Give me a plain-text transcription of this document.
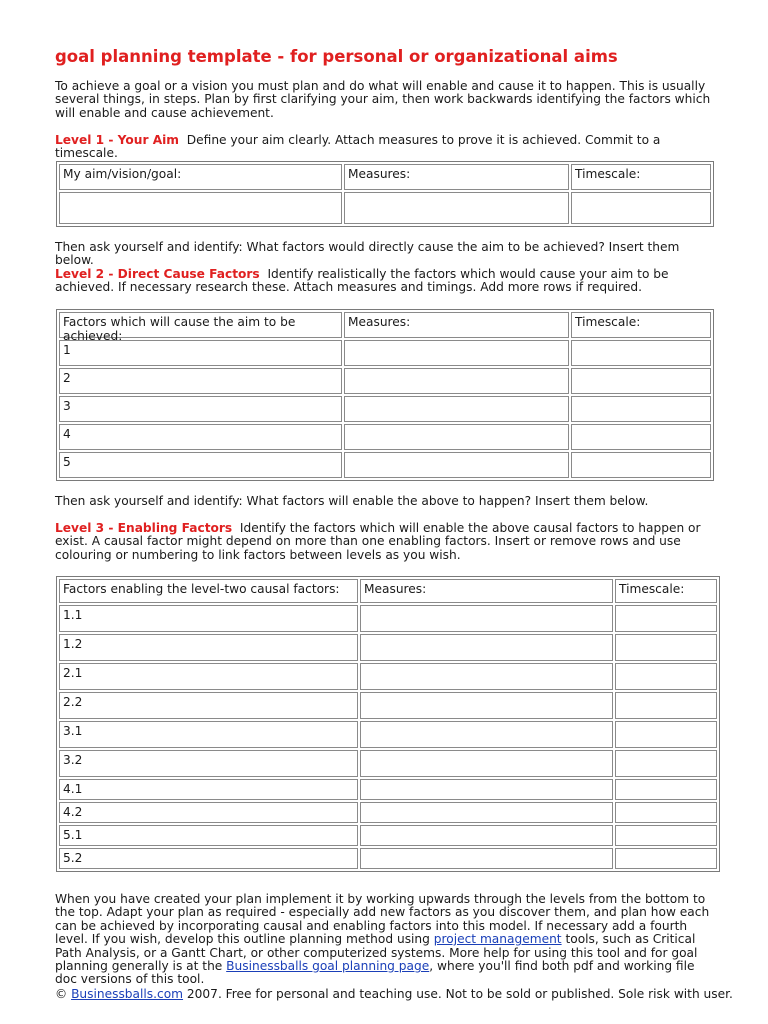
goal planning template - for personal or organizational aims

To achieve a goal or a vision you must plan and do what will enable and cause it to happen. This is usually several things, in steps. Plan by first clarifying your aim, then work backwards identifying the factors which will enable and cause achievement.

Level 1 - Your Aim Define your aim clearly. Attach measures to prove it is achieved. Commit to a timescale.

My aim/vision/goal:	Measures:	Timescale:

Then ask yourself and identify: What factors would directly cause the aim to be achieved? Insert them below.

Level 2 - Direct Cause Factors Identify realistically the factors which would cause your aim to be achieved. If necessary research these. Attach measures and timings. Add more rows if required.

Factors which will cause the aim to be achieved:	Measures:	Timescale:
1		
2		
3		
4		
5		

Then ask yourself and identify: What factors will enable the above to happen? Insert them below.

Level 3 - Enabling Factors Identify the factors which will enable the above causal factors to happen or exist. A causal factor might depend on more than one enabling factors. Insert or remove rows and use colouring or numbering to link factors between levels as you wish.

Factors enabling the level-two causal factors:	Measures:	Timescale:
1.1		
1.2		
2.1		
2.2		
3.1		
3.2		
4.1		
4.2		
5.1		
5.2		

When you have created your plan implement it by working upwards through the levels from the bottom to the top. Adapt your plan as required - especially add new factors as you discover them, and plan how each can be achieved by incorporating causal and enabling factors into this model. If necessary add a fourth level. If you wish, develop this outline planning method using project management tools, such as Critical Path Analysis, or a Gantt Chart, or other computerized systems. More help for using this tool and for goal planning generally is at the Businessballs goal planning page, where you'll find both pdf and working file doc versions of this tool.

© Businessballs.com 2007. Free for personal and teaching use. Not to be sold or published. Sole risk with user.
